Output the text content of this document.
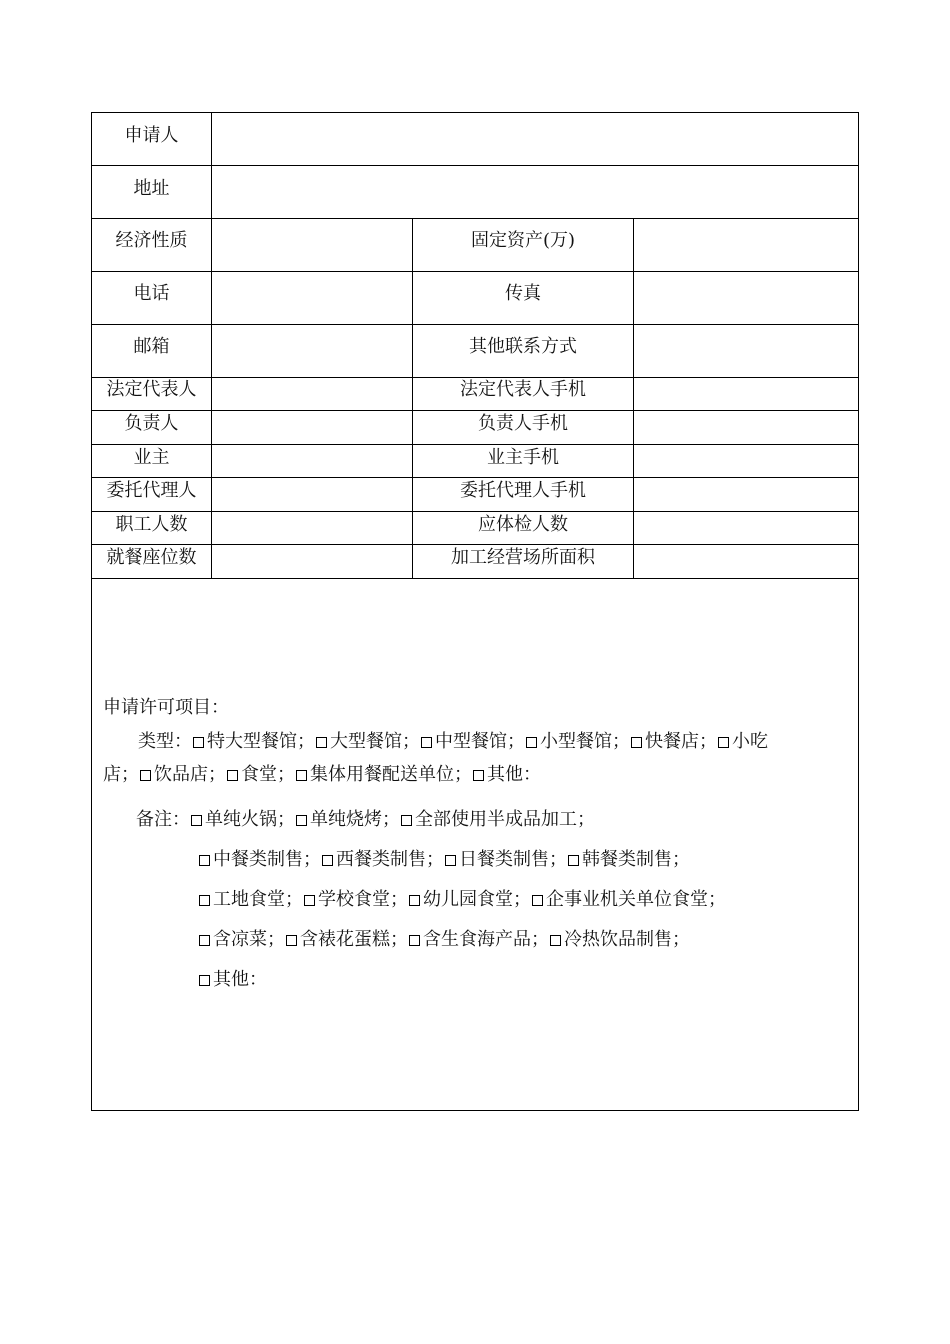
申请人
地址
经济性质	固定资产(万)
电话	传真
邮箱	其他联系方式
法定代表人	法定代表人手机
负责人	负责人手机
业主	业主手机
委托代理人	委托代理人手机
职工人数	应体检人数
就餐座位数	加工经营场所面积
申请许可项目：
类型： 特大型餐馆； 大型餐馆； 中型餐馆； 小型餐馆； 快餐店； 小吃
店； 饮品店； 食堂； 集体用餐配送单位； 其他：
备注： 单纯火锅； 单纯烧烤； 全部使用半成品加工；
中餐类制售； 西餐类制售； 日餐类制售； 韩餐类制售；
工地食堂； 学校食堂； 幼儿园食堂； 企事业机关单位食堂；
含凉菜； 含裱花蛋糕； 含生食海产品； 冷热饮品制售；
其他：
